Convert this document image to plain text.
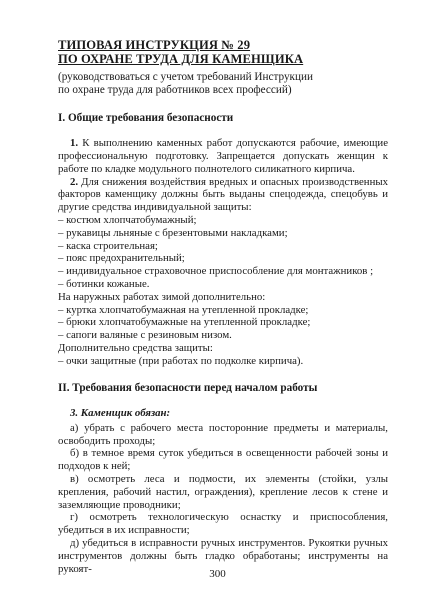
ТИПОВАЯ ИНСТРУКЦИЯ № 29
ПО ОХРАНЕ ТРУДА ДЛЯ КАМЕНЩИКА
(руководствоваться с учетом требований Инструкции
по охране труда для работников всех профессий)
I. Общие требования безопасности
1. К выполнению каменных работ допускаются рабочие, имеющие профессиональную подготовку. Запрещается допускать женщин к работе по кладке модульного полнотелого силикатного кирпича.
2. Для снижения воздействия вредных и опасных производственных факторов каменщику должны быть выданы спецодежда, спецобувь и другие средства индивидуальной защиты:
– костюм хлопчатобумажный;
– рукавицы льняные с брезентовыми накладками;
– каска строительная;
– пояс предохранительный;
– индивидуальное страховочное приспособление для монтажников ;
– ботинки кожаные.
На наружных работах зимой дополнительно:
– куртка хлопчатобумажная на утепленной прокладке;
– брюки хлопчатобумажные на утепленной прокладке;
– сапоги валяные с резиновым низом.
Дополнительно средства защиты:
– очки защитные (при работах по подколке кирпича).
II. Требования безопасности перед началом работы
3. Каменщик обязан:
а) убрать с рабочего места посторонние предметы и материалы, освободить проходы;
б) в темное время суток убедиться в освещенности рабочей зоны и подходов к ней;
в) осмотреть леса и подмости, их элементы (стойки, узлы крепления, рабочий настил, ограждения), крепление лесов к стене и заземляющие проводники;
г) осмотреть технологическую оснастку и приспособления, убедиться в их исправности;
д) убедиться в исправности ручных инструментов. Рукоятки ручных инструментов должны быть гладко обработаны; инструменты на рукоят-	300
